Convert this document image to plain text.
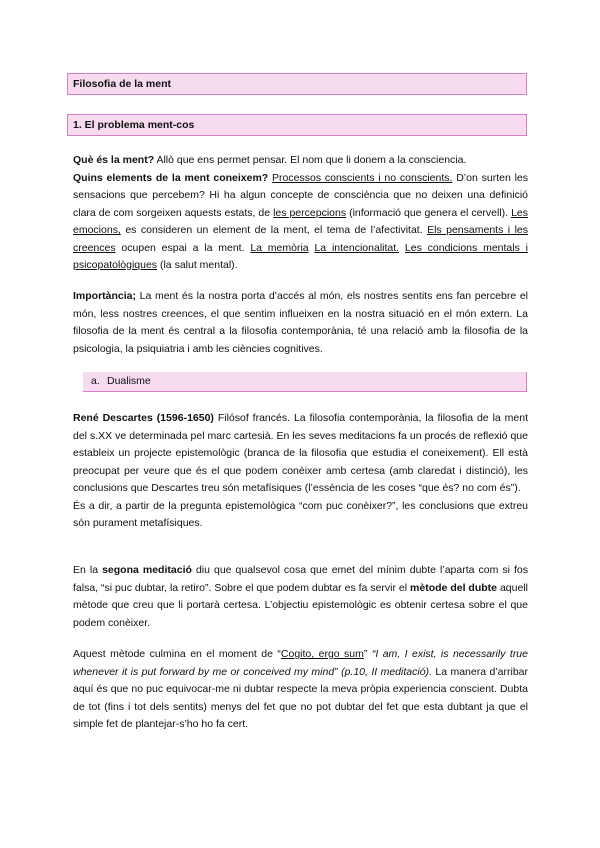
Filosofia de la ment
1. El problema ment-cos

Què és la ment? Allò que ens permet pensar. El nom que li donem a la consciencia.
Quins elements de la ment coneixem? Processos conscients i no conscients. D’on surten les sensacions que percebem? Hi ha algun concepte de consciència que no deixen una definició clara de com sorgeixen aquests estats, de les percepcions (informació que genera el cervell). Les emocions, es consideren un element de la ment, el tema de l’afectivitat. Els pensaments i les creences ocupen espai a la ment. La memòria La intencionalitat. Les condicions mentals i psicopatològiques (la salut mental).

Importància; La ment és la nostra porta d’accés al món, els nostres sentits ens fan percebre el món, less nostres creences, el que sentim influeixen en la nostra situació en el món extern. La filosofia de la ment és central a la filosofia contemporània, té una relació amb la filosofia de la psicologia, la psiquiatria i amb les ciències cognitives.

a. Dualisme

René Descartes (1596-1650) Filósof francés. La filosofia contemporània, la filosofia de la ment del s.XX ve determinada pel marc cartesià. En les seves meditacions fa un procés de reflexió que estableix un projecte epistemològic (branca de la filosofia que estudia el coneixement). Ell està preocupat per veure que és el que podem conèixer amb certesa (amb claredat i distinció), les conclusions que Descartes treu són metafísiques (l’essència de les coses “que és? no com és”).
És a dir, a partir de la pregunta epistemològica “com puc conèixer?”, les conclusions que extreu són purament metafísiques.

En la segona meditació diu que qualsevol cosa que emet del mínim dubte l’aparta com si fos falsa, “si puc dubtar, la retiro”. Sobre el que podem dubtar es fa servir el mètode del dubte aquell mètode que creu que li portarà certesa. L’objectiu epistemològic es obtenir certesa sobre el que podem conèixer.

Aquest mètode culmina en el moment de “Cogito, ergo sum” “I am, I exist, is necessarily true whenever it is put forward by me or conceived my mind” (p.10, II meditació). La manera d’arribar aquí és que no puc equivocar-me ni dubtar respecte la meva pròpia experiencia conscient. Dubta de tot (fins i tot dels sentits) menys del fet que no pot dubtar del fet que esta dubtant ja que el simple fet de plantejar-s’ho ho fa cert.
